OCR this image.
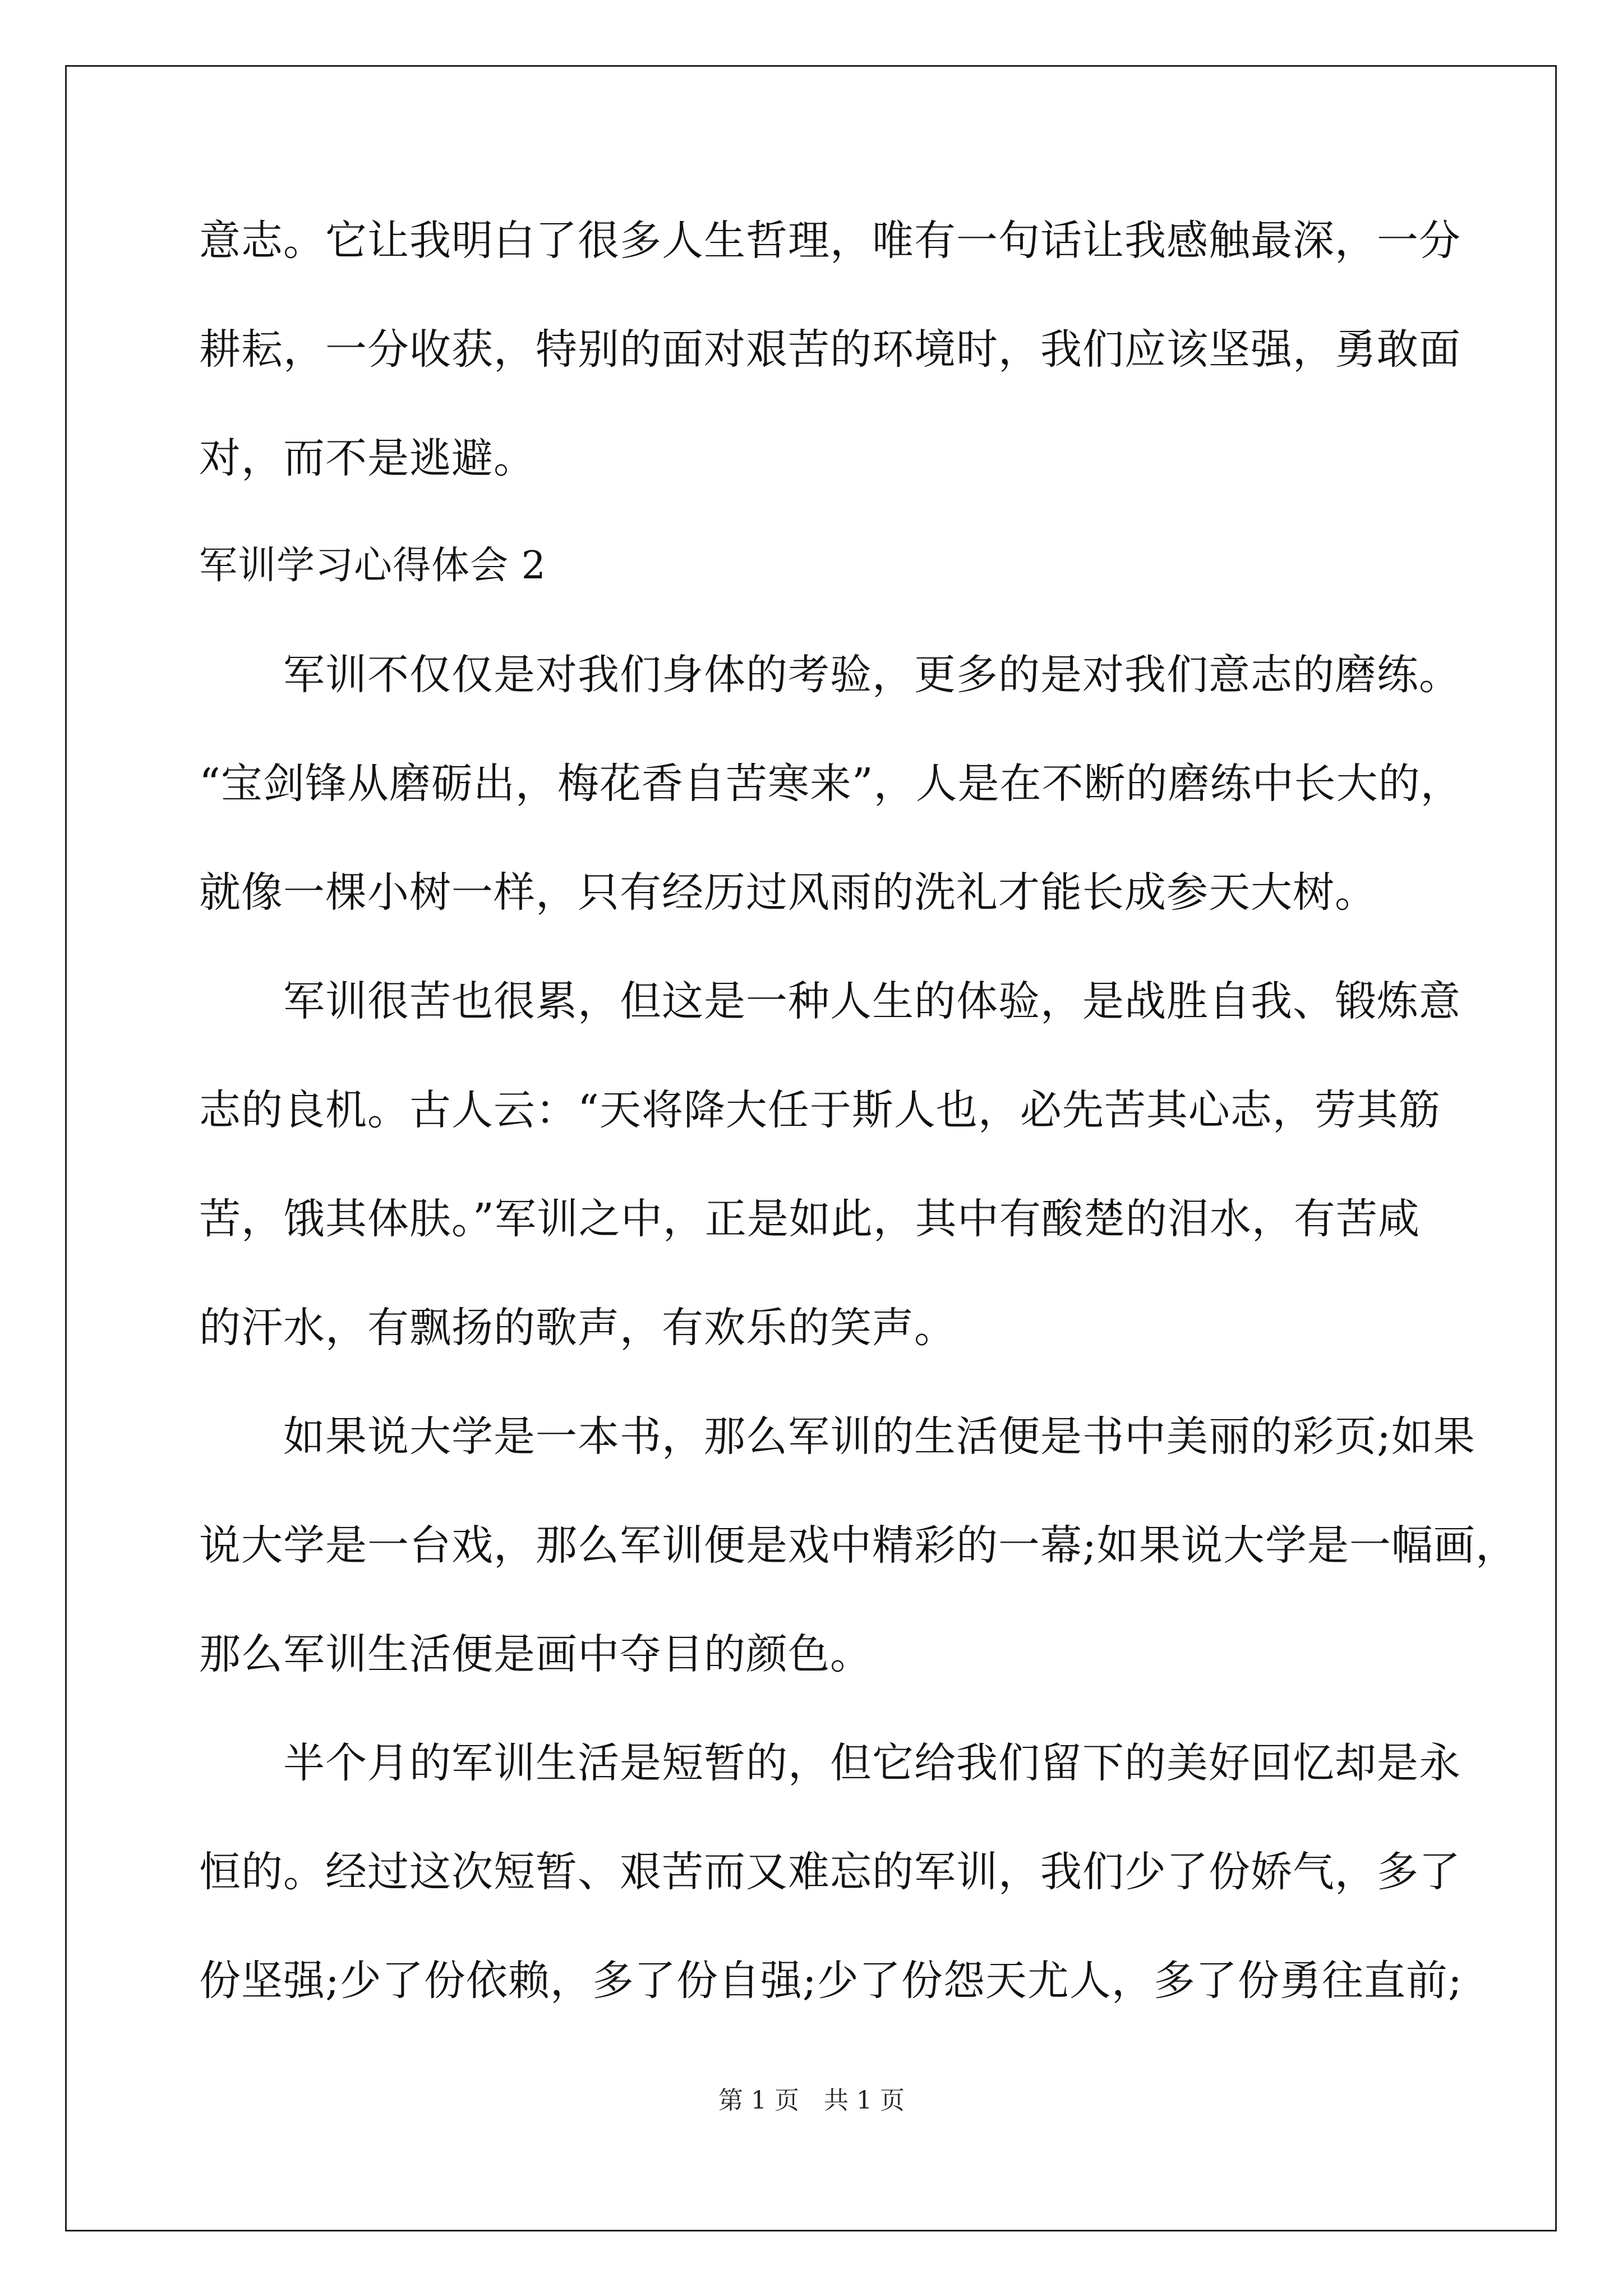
意志。它让我明白了很多人生哲理，唯有一句话让我感触最深，一分
耕耘，一分收获，特别的面对艰苦的环境时，我们应该坚强，勇敢面
对，而不是逃避。
军训学习心得体会 2
　　军训不仅仅是对我们身体的考验，更多的是对我们意志的磨练。
“宝剑锋从磨砺出，梅花香自苦寒来”，人是在不断的磨练中长大的，
就像一棵小树一样，只有经历过风雨的洗礼才能长成参天大树。
　　军训很苦也很累，但这是一种人生的体验，是战胜自我、锻炼意
志的良机。古人云：“天将降大任于斯人也，必先苦其心志，劳其筋
苦，饿其体肤。”军训之中，正是如此，其中有酸楚的泪水，有苦咸
的汗水，有飘扬的歌声，有欢乐的笑声。
　　如果说大学是一本书，那么军训的生活便是书中美丽的彩页;如果
说大学是一台戏，那么军训便是戏中精彩的一幕;如果说大学是一幅画，
那么军训生活便是画中夺目的颜色。
　　半个月的军训生活是短暂的，但它给我们留下的美好回忆却是永
恒的。经过这次短暂、艰苦而又难忘的军训，我们少了份娇气，多了
份坚强;少了份依赖，多了份自强;少了份怨天尤人，多了份勇往直前;
第 1 页　共 1 页
